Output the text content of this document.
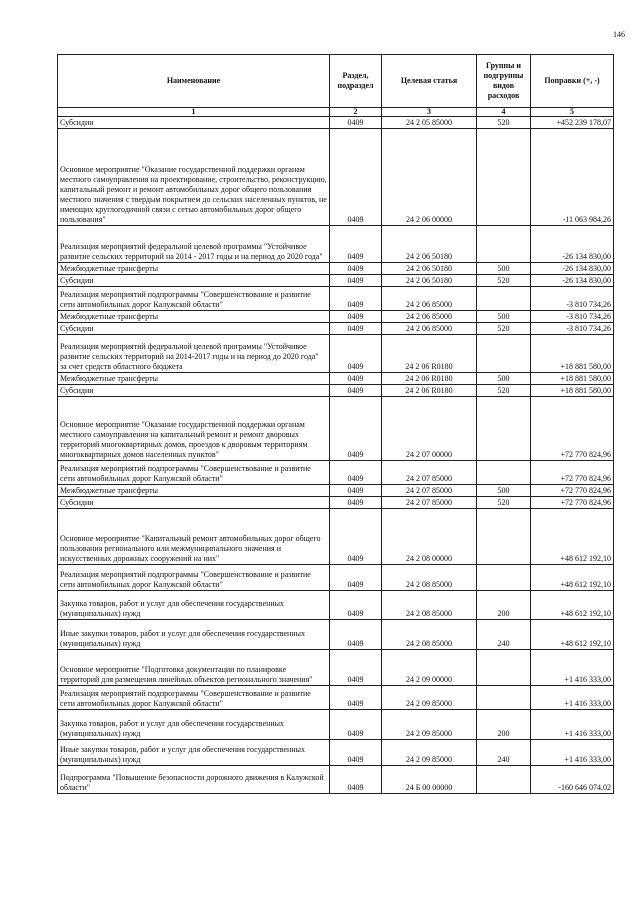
146
Наименование	Раздел, подраздел	Целевая статья	Группы и подгруппы видов расходов	Поправки (+, -)
1	2	3	4	5
Субсидии	0409	24 2 05 85000	520	+452 239 178,07
Основное мероприятие "Оказание государственной поддержки органам местного самоуправления на проектирование, строительство, реконструкцию, капитальный ремонт и ремонт автомобильных дорог общего пользования местного значения с твердым покрытием до сельских населенных пунктов, не имеющих круглогодичной связи с сетью автомобильных дорог общего пользования"	0409	24 2 06 00000		-11 063 984,26
Реализация мероприятий федеральной целевой программы "Устойчивое развитие сельских территорий на 2014 - 2017 годы и на период до 2020 года"	0409	24 2 06 50180		-26 134 830,00
Межбюджетные трансферты	0409	24 2 06 50180	500	-26 134 830,00
Субсидии	0409	24 2 06 50180	520	-26 134 830,00
Реализация мероприятий подпрограммы "Совершенствование и развитие сети автомобильных дорог Калужской области"	0409	24 2 06 85000		-3 810 734,26
Межбюджетные трансферты	0409	24 2 06 85000	500	-3 810 734,26
Субсидии	0409	24 2 06 85000	520	-3 810 734,26
Реализация мероприятий федеральной целевой программы "Устойчивое развитие сельских территорий на 2014-2017 годы и на период до 2020 года" за счет средств областного бюджета	0409	24 2 06 R0180		+18 881 580,00
Межбюджетные трансферты	0409	24 2 06 R0180	500	+18 881 580,00
Субсидии	0409	24 2 06 R0180	520	+18 881 580,00
Основное мероприятие "Оказание государственной поддержки органам местного самоуправления на капитальный ремонт и ремонт дворовых территорий многоквартирных домов, проездов к дворовым территориям многоквартирных домов населенных пунктов"	0409	24 2 07 00000		+72 770 824,96
Реализация мероприятий подпрограммы "Совершенствование и развитие сети автомобильных дорог Калужской области"	0409	24 2 07 85000		+72 770 824,96
Межбюджетные трансферты	0409	24 2 07 85000	500	+72 770 824,96
Субсидии	0409	24 2 07 85000	520	+72 770 824,96
Основное мероприятие "Капитальный ремонт автомобильных дорог общего пользования регионального или межмуниципального значения и искусственных дорожных сооружений на них"	0409	24 2 08 00000		+48 612 192,10
Реализация мероприятий подпрограммы "Совершенствование и развитие сети автомобильных дорог Калужской области"	0409	24 2 08 85000		+48 612 192,10
Закупка товаров, работ и услуг для обеспечения государственных (муниципальных) нужд	0409	24 2 08 85000	200	+48 612 192,10
Иные закупки товаров, работ и услуг для обеспечения государственных (муниципальных) нужд	0409	24 2 08 85000	240	+48 612 192,10
Основное мероприятие "Подготовка документации по планировке территорий для размещения линейных объектов регионального значения"	0409	24 2 09 00000		+1 416 333,00
Реализация мероприятий подпрограммы "Совершенствование и развитие сети автомобильных дорог Калужской области"	0409	24 2 09 85000		+1 416 333,00
Закупка товаров, работ и услуг для обеспечения государственных (муниципальных) нужд	0409	24 2 09 85000	200	+1 416 333,00
Иные закупки товаров, работ и услуг для обеспечения государственных (муниципальных) нужд	0409	24 2 09 85000	240	+1 416 333,00
Подпрограмма "Повышение безопасности дорожного движения в Калужской области"	0409	24 Б 00 00000		-160 646 074,02
